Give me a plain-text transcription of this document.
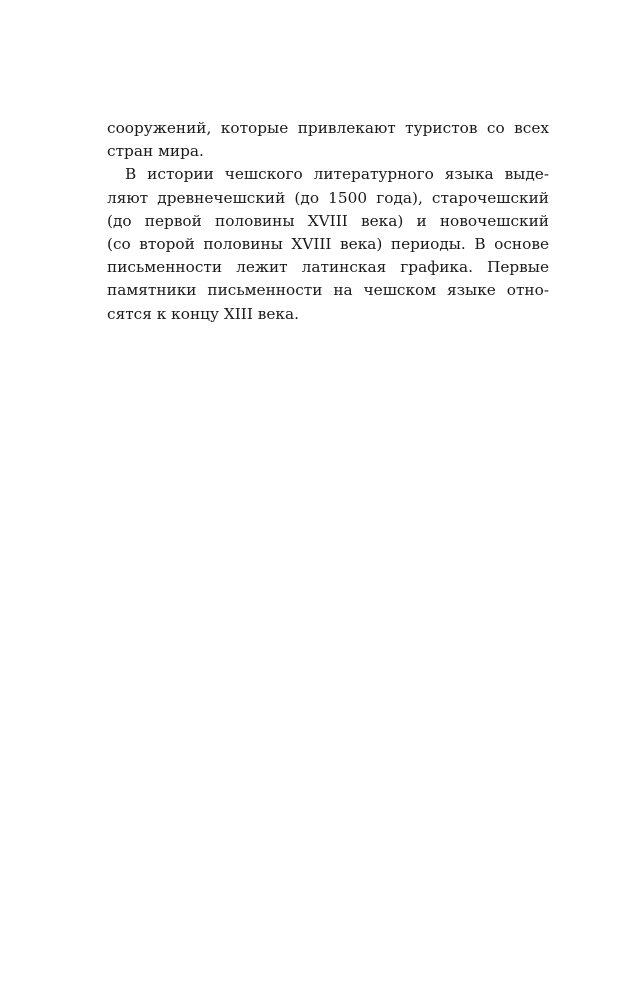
сооружений, которые привлекают туристов со всех
стран мира.
В истории чешского литературного языка выде-
ляют древнечешский (до 1500 года), старочешский
(до первой половины XVIII века) и новочешский
(со второй половины XVIII века) периоды. В основе
письменности лежит латинская графика. Первые
памятники письменности на чешском языке отно-
сятся к концу XIII века.
